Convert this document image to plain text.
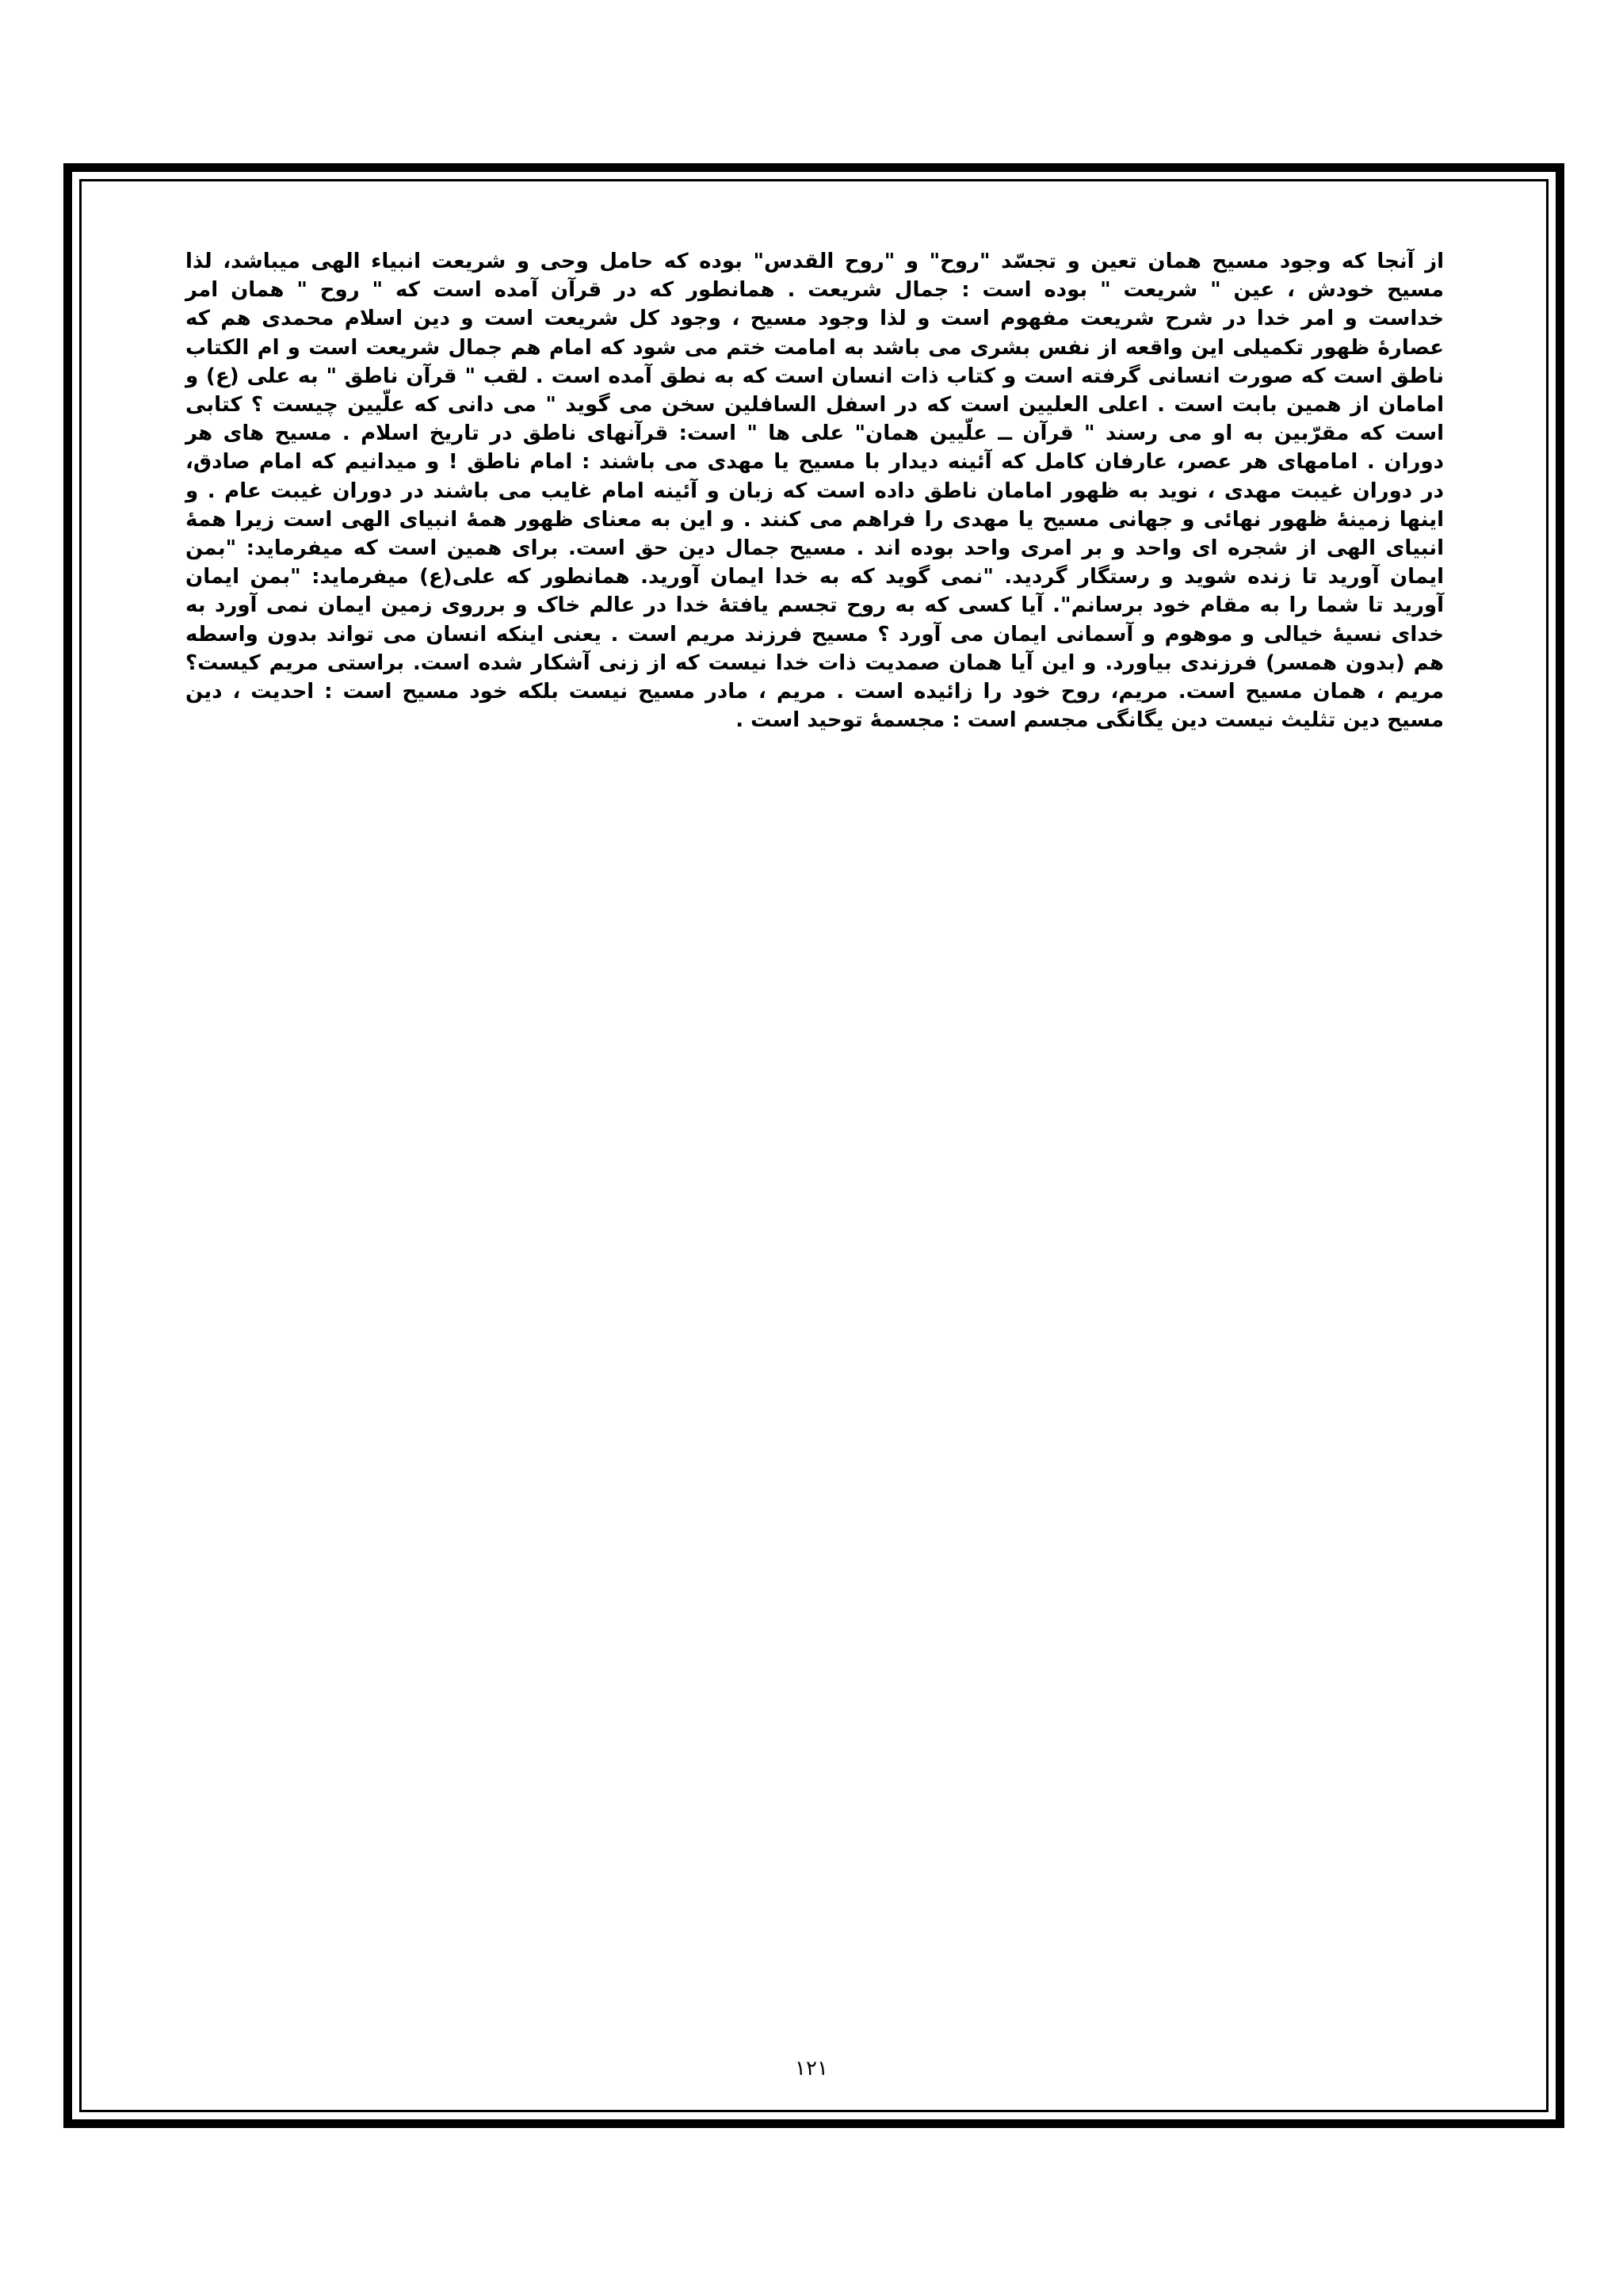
از آنجا که وجود مسیح همان تعین و تجسّد "روح" و "روح القدس" بوده که حامل وحی و شریعت انبیاء الهی میباشد، لذا
مسیح خودش ، عین " شریعت " بوده است : جمال شریعت . همانطور که در قرآن آمده است که " روح " همان امر
خداست و امر خدا در شرح شریعت مفهوم است و لذا وجود مسیح ، وجود کل شریعت است و دین اسلام محمدی هم که
عصارهٔ ظهور تکمیلی این واقعه از نفس بشری می باشد به امامت ختم می شود که امام هم جمال شریعت است و ام الکتاب
ناطق است که صورت انسانی گرفته است و کتاب ذات انسان است که به نطق آمده است . لقب " قرآن ناطق " به علی (ع) و
امامان از همین بابت است . اعلی العلیین است که در اسفل السافلین سخن می گوید " می دانی که علّیین چیست ؟ کتابی
است که مقرّبین به او می رسند " قرآن ــ علّیین همان" علی ها " است: قرآنهای ناطق در تاریخ اسلام . مسیح های هر
دوران . امامهای هر عصر، عارفان کامل که آئینه دیدار با مسیح یا مهدی می باشند : امام ناطق ! و میدانیم که امام صادق،
در دوران غیبت مهدی ، نوید به ظهور امامان ناطق داده است که زبان و آئینه امام غایب می باشند در دوران غیبت عام . و
اینها زمینهٔ ظهور نهائی و جهانی مسیح یا مهدی را فراهم می کنند . و این به معنای ظهور همهٔ انبیای الهی است زیرا همهٔ
انبیای الهی از شجره ای واحد و بر امری واحد بوده اند . مسیح جمال دین حق است. برای همین است که میفرماید: "بمن
ایمان آورید تا زنده شوید و رستگار گردید. "نمی گوید که به خدا ایمان آورید. همانطور که علی(ع) میفرماید: "بمن ایمان
آورید تا شما را به مقام خود برسانم". آیا کسی که به روح تجسم یافتهٔ خدا در عالم خاک و برروی زمین ایمان نمی آورد به
خدای نسیهٔ خیالی و موهوم و آسمانی ایمان می آورد ؟ مسیح فرزند مریم است . یعنی اینکه انسان می تواند بدون واسطه
هم (بدون همسر) فرزندی بیاورد. و این آیا همان صمدیت ذات خدا نیست که از زنی آشکار شده است. براستی مریم کیست؟
مریم ، همان مسیح است. مریم، روح خود را زائیده است . مریم ، مادر مسیح نیست بلکه خود مسیح است : احدیت ، دین
مسیح دین تثلیث نیست دین یگانگی مجسم است : مجسمهٔ توحید است .

۱۲۱
